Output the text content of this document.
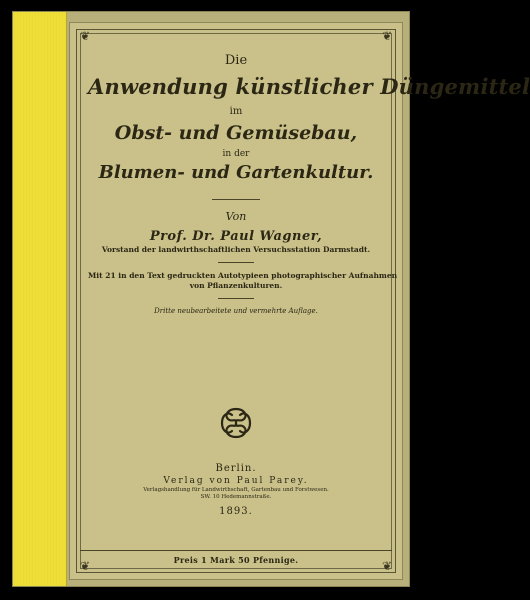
❦	❦
❦	❦
Die
Anwendung künstlicher Düngemittel
im
Obst- und Gemüsebau,
in der
Blumen- und Gartenkultur.
Von
Prof. Dr. Paul Wagner,
Vorstand der landwirthschaftlichen Versuchsstation Darmstadt.
Mit 21 in den Text gedruckten Autotypieen photographischer Aufnahmen
von Pflanzenkulturen.
Dritte neubearbeitete und vermehrte Auflage.
Berlin.
Verlag von Paul Parey.
Verlagshandlung für Landwirthschaft, Gartenbau und Forstwesen.
SW. 10 Hedemannstraße.
1893.
Preis 1 Mark 50 Pfennige.
